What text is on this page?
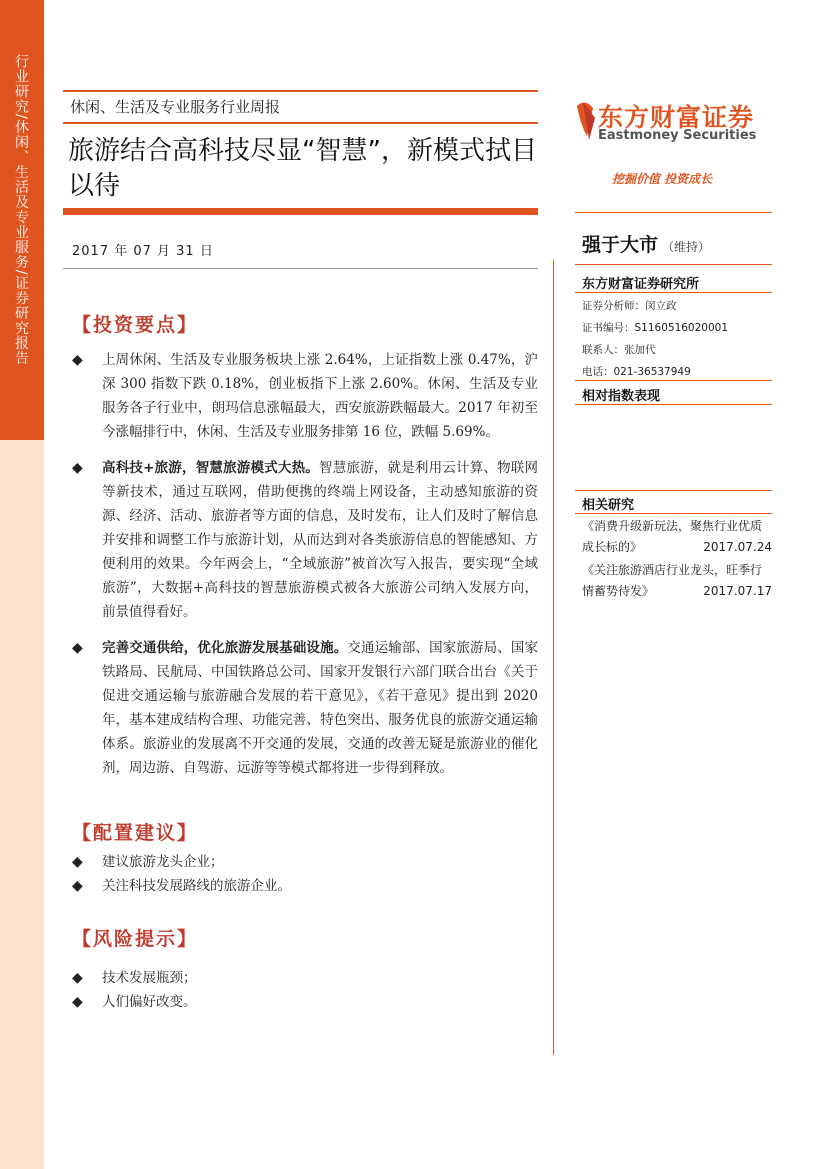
行业研究/休闲、生活及专业服务/证券研究报告	休闲、生活及专业服务行业周报
旅游结合高科技尽显“智慧”，新模式拭目以待
2017 年 07 月 31 日
东方财富证券
Eastmoney Securities
挖掘价值 投资成长
强于大市 （维持）
东方财富证券研究所
证券分析师：闵立政
证书编号：S1160516020001
联系人：张加代
电话：021-36537949
相对指数表现
相关研究
《消费升级新玩法，聚焦行业优质成长标的》	2017.07.24
《关注旅游酒店行业龙头，旺季行情蓄势待发》	2017.07.17
【投资要点】
◆ 上周休闲、生活及专业服务板块上涨 2.64%，上证指数上涨 0.47%，沪深 300 指数下跌 0.18%，创业板指下上涨 2.60%。休闲、生活及专业服务各子行业中，朗玛信息涨幅最大，西安旅游跌幅最大。2017 年初至今涨幅排行中，休闲、生活及专业服务排第 16 位，跌幅 5.69%。
◆ 高科技+旅游，智慧旅游模式大热。智慧旅游，就是利用云计算、物联网等新技术，通过互联网，借助便携的终端上网设备，主动感知旅游的资源、经济、活动、旅游者等方面的信息，及时发布，让人们及时了解信息并安排和调整工作与旅游计划，从而达到对各类旅游信息的智能感知、方便利用的效果。今年两会上，“全域旅游”被首次写入报告，要实现“全域旅游”，大数据+高科技的智慧旅游模式被各大旅游公司纳入发展方向，前景值得看好。
◆ 完善交通供给，优化旅游发展基础设施。交通运输部、国家旅游局、国家铁路局、民航局、中国铁路总公司、国家开发银行六部门联合出台《关于促进交通运输与旅游融合发展的若干意见》，《若干意见》提出到 2020 年，基本建成结构合理、功能完善、特色突出、服务优良的旅游交通运输体系。旅游业的发展离不开交通的发展，交通的改善无疑是旅游业的催化剂，周边游、自驾游、远游等等模式都将进一步得到释放。
【配置建议】
◆ 建议旅游龙头企业；
◆ 关注科技发展路线的旅游企业。
【风险提示】
◆ 技术发展瓶颈；
◆ 人们偏好改变。
